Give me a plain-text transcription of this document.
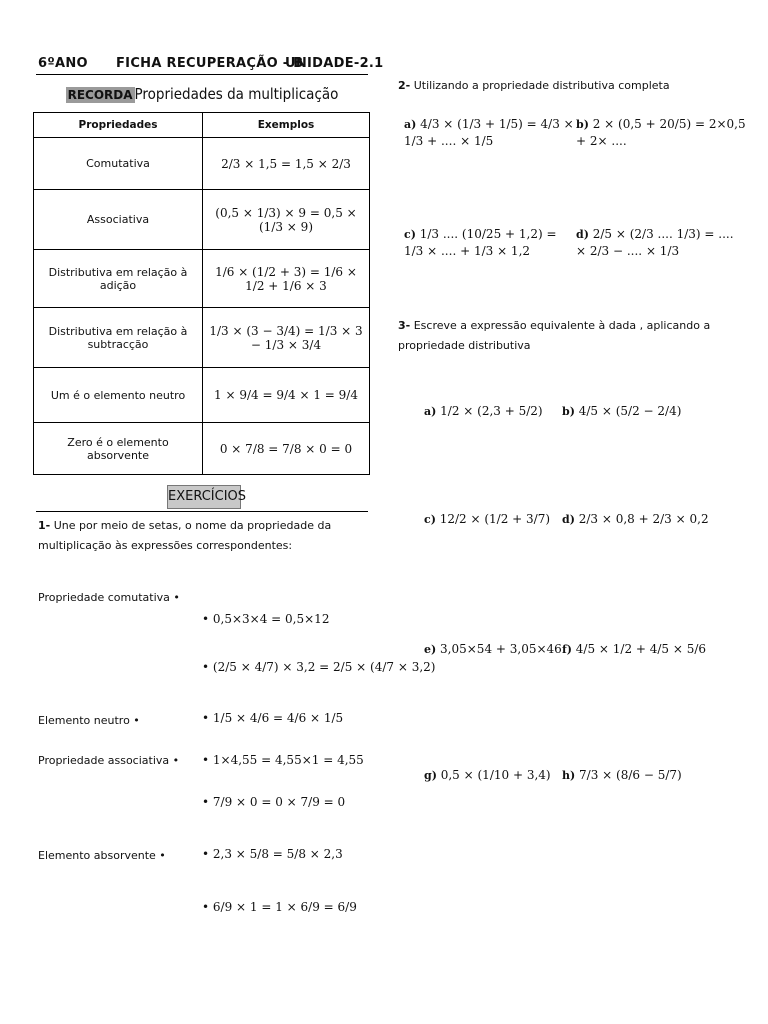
6ºANO FICHA RECUPERAÇÃO - B
UNIDADE-2.1
RECORDA Propriedades da multiplicação
Propriedades	Exemplos
Comutativa	2/3 × 1,5 = 1,5 × 2/3
Associativa	(0,5 × 1/3) × 9 = 0,5 × (1/3 × 9)
Distributiva em relação à adição	1/6 × (1/2 + 3) = 1/6 × 1/2 + 1/6 × 3
Distributiva em relação à subtracção	1/3 × (3 − 3/4) = 1/3 × 3 − 1/3 × 3/4
Um é o elemento neutro	1 × 9/4 = 9/4 × 1 = 9/4
Zero é o elemento absorvente	0 × 7/8 = 7/8 × 0 = 0
EXERCÍCIOS
1- Une por meio de setas, o nome da propriedade da multiplicação às expressões correspondentes:
Propriedade comutativa •
Elemento neutro •
Propriedade associativa •
Elemento absorvente •
• 0,5×3×4 = 0,5×12
• (2/5 × 4/7) × 3,2 = 2/5 × (4/7 × 3,2)
• 1/5 × 4/6 = 4/6 × 1/5
• 1×4,55 = 4,55×1 = 4,55
• 7/9 × 0 = 0 × 7/9 = 0
• 2,3 × 5/8 = 5/8 × 2,3
• 6/9 × 1 = 1 × 6/9 = 6/9
2- Utilizando a propriedade distributiva completa
a) 4/3 × (1/3 + 1/5) = 4/3 × 1/3 + .... × 1/5
b) 2 × (0,5 + 20/5) = 2×0,5 + 2× ....
c) 1/3 .... (10/25 + 1,2) = 1/3 × .... + 1/3 × 1,2
d) 2/5 × (2/3 .... 1/3) = .... × 2/3 − .... × 1/3
3- Escreve a expressão equivalente à dada , aplicando a propriedade distributiva
a) 1/2 × (2,3 + 5/2) b) 4/5 × (5/2 − 2/4)
c) 12/2 × (1/2 + 3/7) d) 2/3 × 0,8 + 2/3 × 0,2
e) 3,05×54 + 3,05×46 f) 4/5 × 1/2 + 4/5 × 5/6
g) 0,5 × (1/10 + 3,4) h) 7/3 × (8/6 − 5/7)
